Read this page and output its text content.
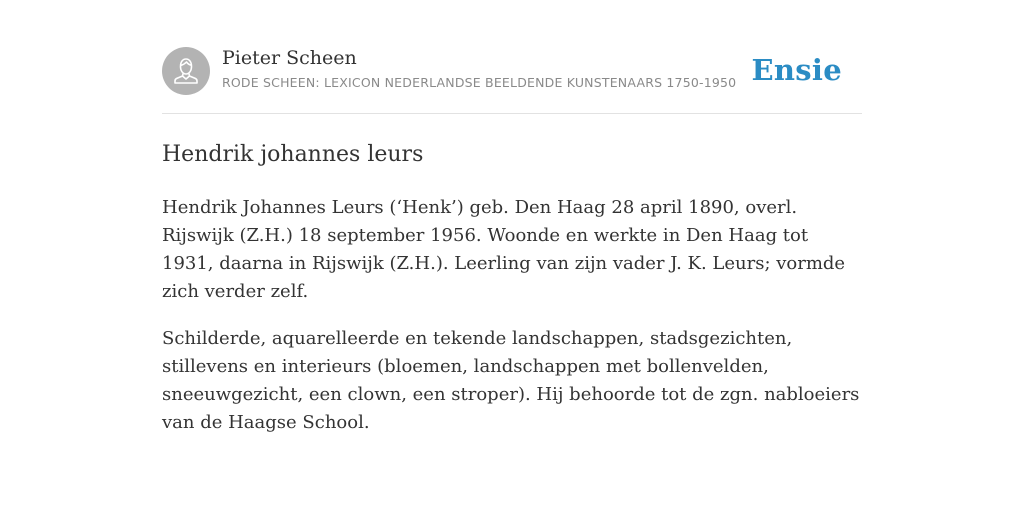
Pieter Scheen
RODE SCHEEN: LEXICON NEDERLANDSE BEELDENDE KUNSTENAARS 1750-1950 Ensie
Hendrik johannes leurs

Hendrik Johannes Leurs (‘Henk’) geb. Den Haag 28 april 1890, overl. Rijswijk (Z.H.) 18 september 1956. Woonde en werkte in Den Haag tot 1931, daarna in Rijswijk (Z.H.). Leerling van zijn vader J. K. Leurs; vormde zich verder zelf.

Schilderde, aquarelleerde en tekende landschappen, stadsgezichten, stillevens en interieurs (bloemen, landschappen met bollenvelden, sneeuwgezicht, een clown, een stroper). Hij behoorde tot de zgn. nabloeiers van de Haagse School.
